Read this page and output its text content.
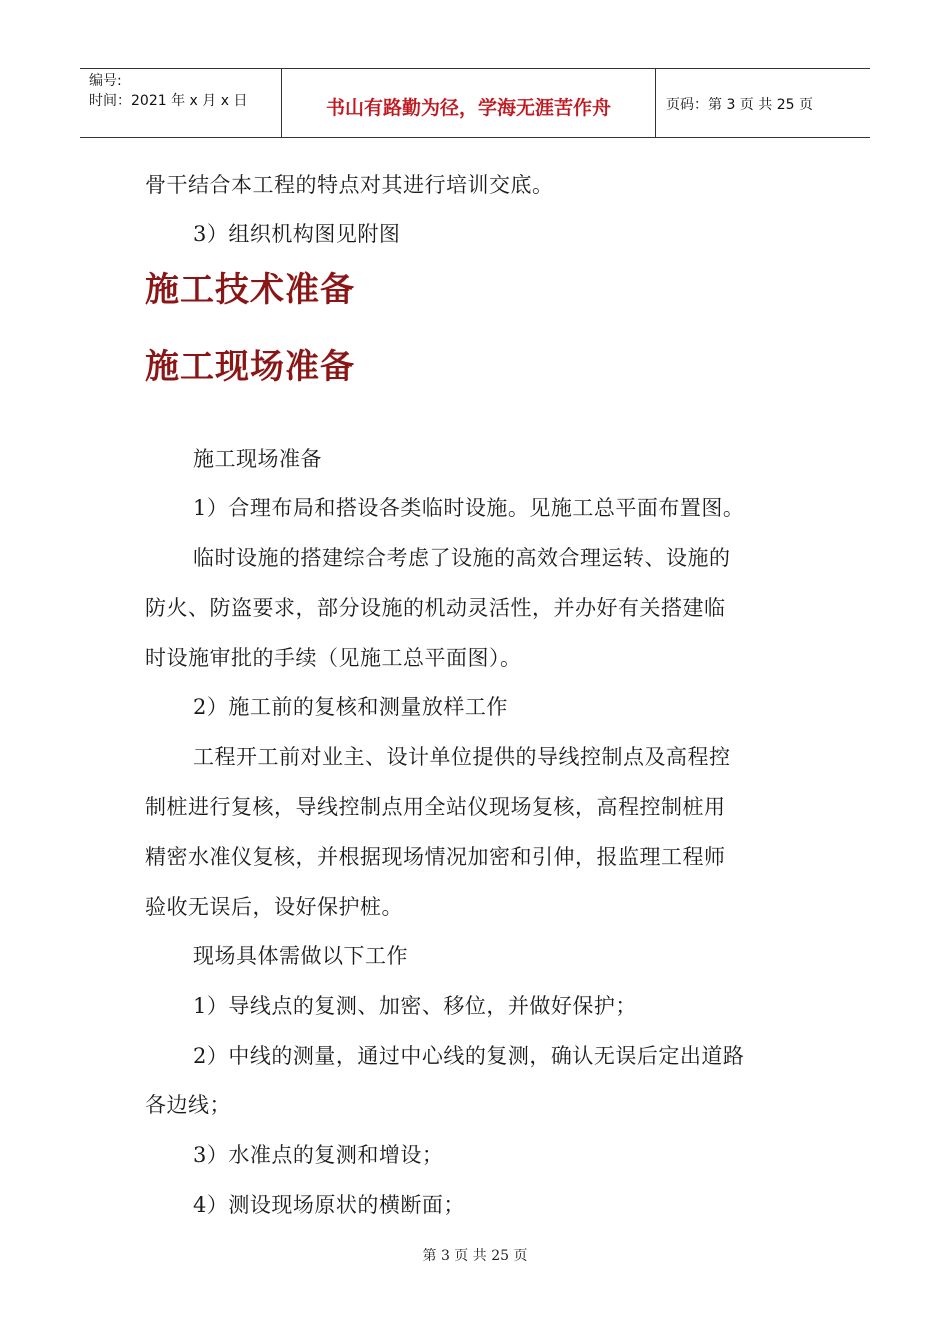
编号:
时间：2021 年 x 月 x 日	书山有路勤为径，学海无涯苦作舟	页码：第 3 页 共 25 页
骨干结合本工程的特点对其进行培训交底。
3）组织机构图见附图
施工技术准备
施工现场准备
施工现场准备
1）合理布局和搭设各类临时设施。见施工总平面布置图。
临时设施的搭建综合考虑了设施的高效合理运转、设施的
防火、防盗要求，部分设施的机动灵活性，并办好有关搭建临
时设施审批的手续（见施工总平面图）。
2）施工前的复核和测量放样工作
工程开工前对业主、设计单位提供的导线控制点及高程控
制桩进行复核，导线控制点用全站仪现场复核，高程控制桩用
精密水准仪复核，并根据现场情况加密和引伸，报监理工程师
验收无误后，设好保护桩。
现场具体需做以下工作
1）导线点的复测、加密、移位，并做好保护；
2）中线的测量，通过中心线的复测，确认无误后定出道路
各边线；
3）水准点的复测和增设；
4）测设现场原状的横断面；
第 3 页 共 25 页
